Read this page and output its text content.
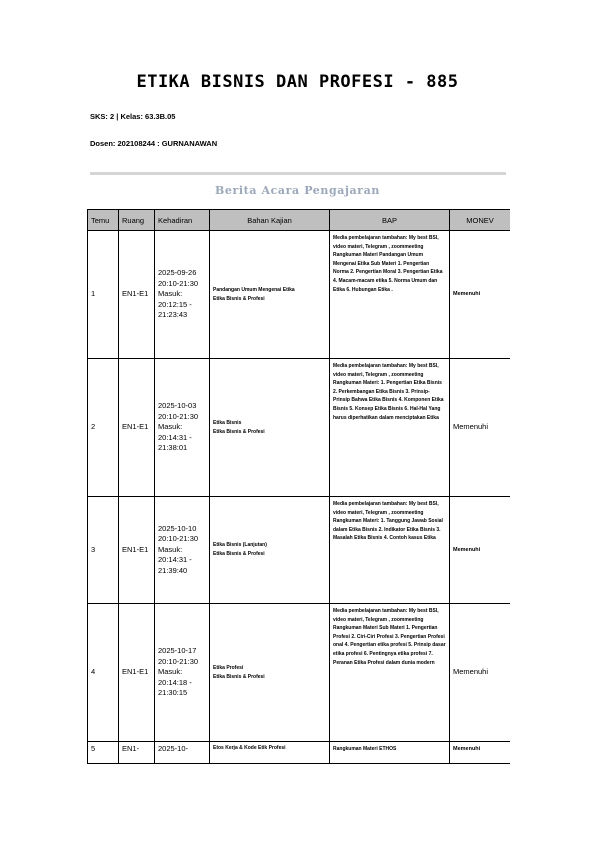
ETIKA BISNIS DAN PROFESI - 885
SKS: 2 | Kelas: 63.3B.05
Dosen: 202108244 : GURNANAWAN
Berita Acara Pengajaran
Temu	Ruang	Kehadiran	Bahan Kajian	BAP	MONEV
1	EN1-E1	2025-09-26 20:10-21:30 Masuk: 20:12:15 - 21:23:43	Pandangan Umum Mengenai Etika
Etika Bisnis & Profesi	Media pembelajaran tambahan: My best BSI, video materi, Telegram , zoommeeting Rangkuman Materi Pandangan Umum Mengenai Etika Sub Materi 1. Pengertian Norma 2. Pengertian Moral 3. Pengertian Etika 4. Macam-macam etika 5. Norma Umum dan Etika 6. Hubungan Etika .	Memenuhi
2	EN1-E1	2025-10-03 20:10-21:30 Masuk: 20:14:31 - 21:38:01	Etika Bisnis
Etika Bisnis & Profesi	Media pembelajaran tambahan: My best BSI, video materi, Telegram , zoommeeting Rangkuman Materi: 1. Pengertian Etika Bisnis 2. Perkembangan Etika Bisnis 3. Prinsip-Prinsip Bahwa Etika Bisnis 4. Komponen Etika Bisnis 5. Konsep Etika Bisnis 6. Hal-Hal Yang harus diperhatikan dalam menciptakan Etika	Memenuhi
3	EN1-E1	2025-10-10 20:10-21:30 Masuk: 20:14:31 - 21:39:40	Etika Bisnis (Lanjutan)
Etika Bisnis & Profesi	Media pembelajaran tambahan: My best BSI, video materi, Telegram , zoommeeting Rangkuman Materi: 1. Tanggung Jawab Sosial dalam Etika Bisnis 2. Indikator Etika Bisnis 3. Masalah Etika Bisnis 4. Contoh kasus Etika	Memenuhi
4	EN1-E1	2025-10-17 20:10-21:30 Masuk: 20:14:18 - 21:30:15	Etika Profesi
Etika Bisnis & Profesi	Media pembelajaran tambahan: My best BSI, video materi, Telegram , zoommeeting Rangkuman Materi Sub Materi 1. Pengertian Profesi 2. Ciri-Ciri Profesi 3. Pengertian Profesi onal 4. Pengertian etika profesi 5. Prinsip dasar etika profesi 6. Pentingnya etika profesi 7. Peranan Etika Profesi dalam dunia modern	Memenuhi
5	EN1-	2025-10-	Etos Kerja & Kode Etik Profesi	Rangkuman Materi ETHOS	Memenuhi
